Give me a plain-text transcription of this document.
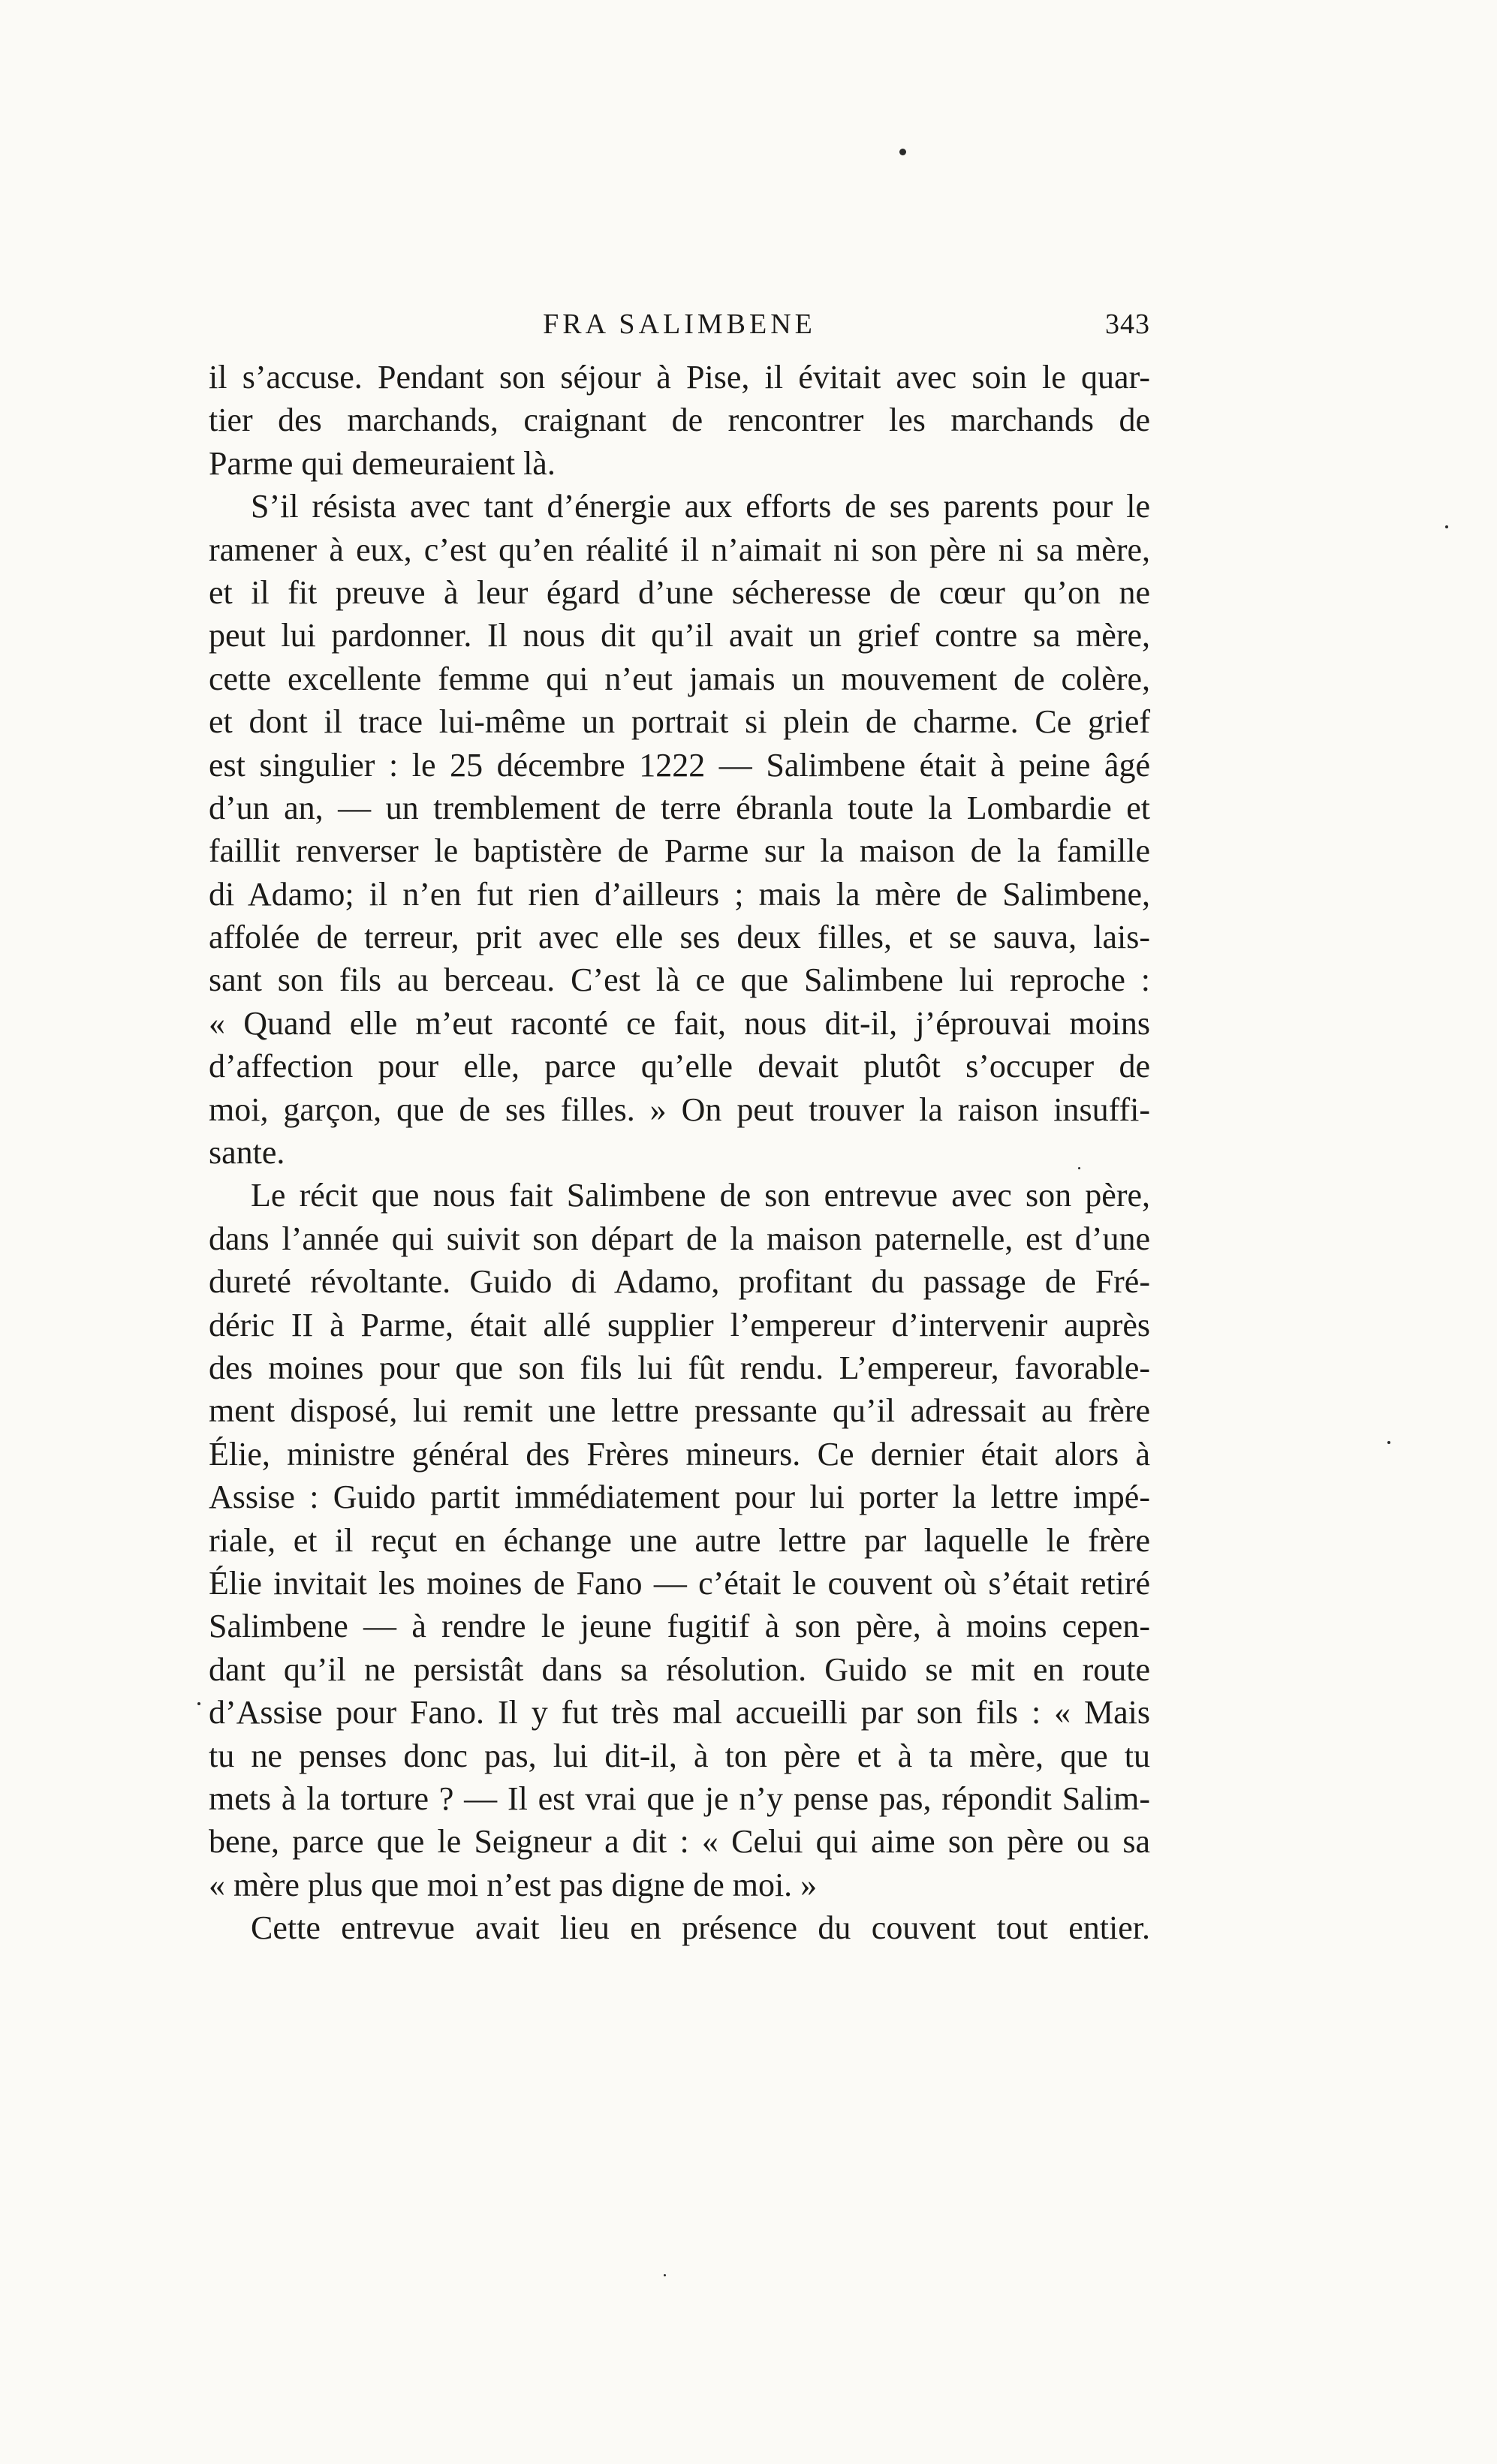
FRA SALIMBENE	343
il s’accuse. Pendant son séjour à Pise, il évitait avec soin le quar-
tier des marchands, craignant de rencontrer les marchands de
Parme qui demeuraient là.
S’il résista avec tant d’énergie aux efforts de ses parents pour le
ramener à eux, c’est qu’en réalité il n’aimait ni son père ni sa mère,
et il fit preuve à leur égard d’une sécheresse de cœur qu’on ne
peut lui pardonner. Il nous dit qu’il avait un grief contre sa mère,
cette excellente femme qui n’eut jamais un mouvement de colère,
et dont il trace lui-même un portrait si plein de charme. Ce grief
est singulier : le 25 décembre 1222 — Salimbene était à peine âgé
d’un an, — un tremblement de terre ébranla toute la Lombardie et
faillit renverser le baptistère de Parme sur la maison de la famille
di Adamo; il n’en fut rien d’ailleurs ; mais la mère de Salimbene,
affolée de terreur, prit avec elle ses deux filles, et se sauva, lais-
sant son fils au berceau. C’est là ce que Salimbene lui reproche :
« Quand elle m’eut raconté ce fait, nous dit-il, j’éprouvai moins
d’affection pour elle, parce qu’elle devait plutôt s’occuper de
moi, garçon, que de ses filles. » On peut trouver la raison insuffi-
sante.
Le récit que nous fait Salimbene de son entrevue avec son père,
dans l’année qui suivit son départ de la maison paternelle, est d’une
dureté révoltante. Guido di Adamo, profitant du passage de Fré-
déric II à Parme, était allé supplier l’empereur d’intervenir auprès
des moines pour que son fils lui fût rendu. L’empereur, favorable-
ment disposé, lui remit une lettre pressante qu’il adressait au frère
Élie, ministre général des Frères mineurs. Ce dernier était alors à
Assise : Guido partit immédiatement pour lui porter la lettre impé-
riale, et il reçut en échange une autre lettre par laquelle le frère
Élie invitait les moines de Fano — c’était le couvent où s’était retiré
Salimbene — à rendre le jeune fugitif à son père, à moins cepen-
dant qu’il ne persistât dans sa résolution. Guido se mit en route
d’Assise pour Fano. Il y fut très mal accueilli par son fils : « Mais
tu ne penses donc pas, lui dit-il, à ton père et à ta mère, que tu
mets à la torture ? — Il est vrai que je n’y pense pas, répondit Salim-
bene, parce que le Seigneur a dit : « Celui qui aime son père ou sa
« mère plus que moi n’est pas digne de moi. »
Cette entrevue avait lieu en présence du couvent tout entier.
